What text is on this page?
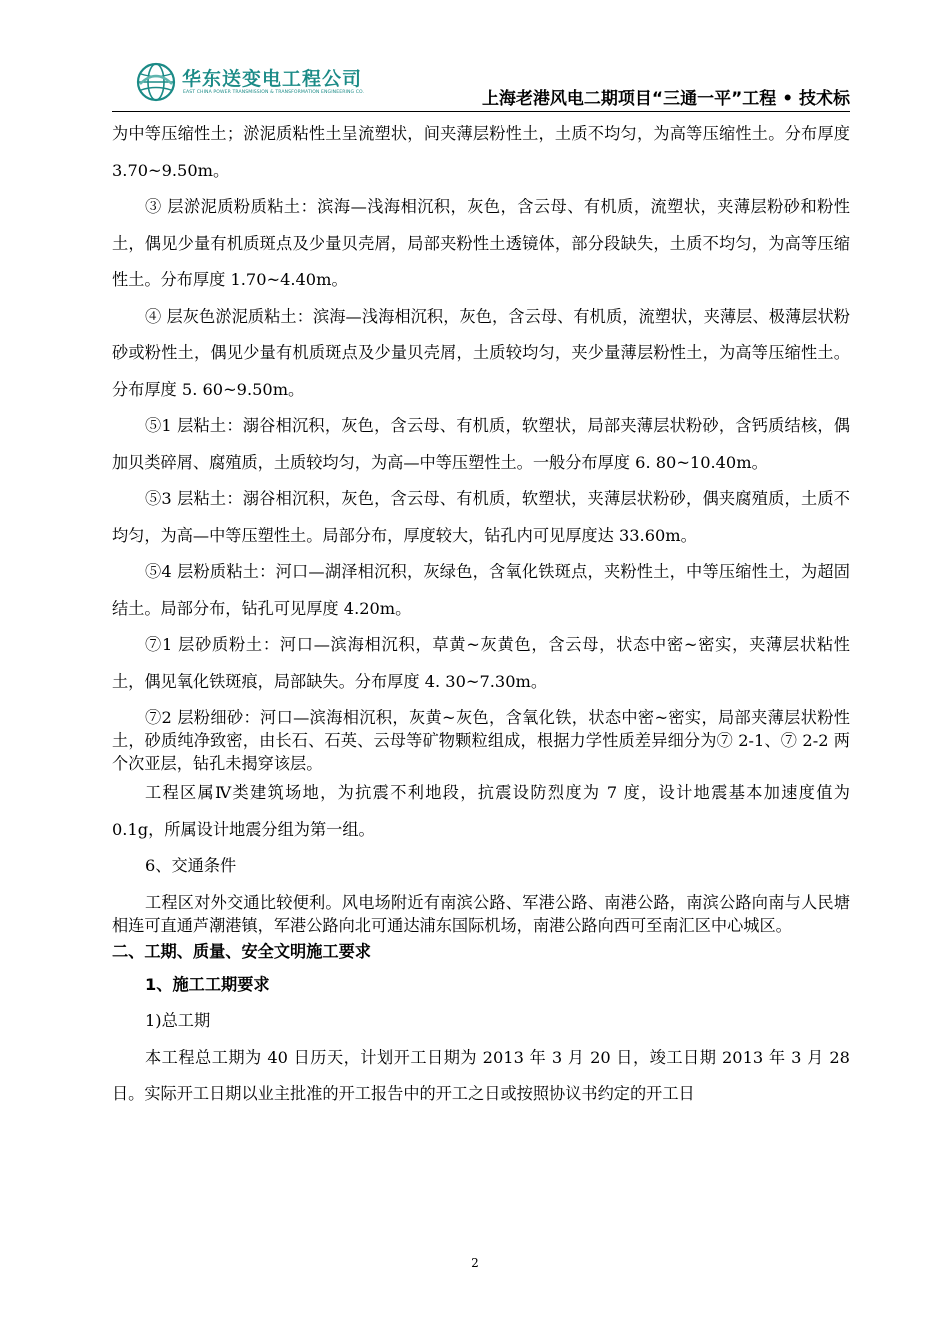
华东送变电工程公司
EAST CHINA POWER TRANSMISSION & TRANSFORMATION ENGINEERING CO.	上海老港风电二期项目“三通一平”工程 • 技术标

为中等压缩性土；淤泥质粘性土呈流塑状，间夹薄层粉性土，土质不均匀，为高等压缩性土。分布厚度 3.70~9.50m。

③ 层淤泥质粉质粘土：滨海—浅海相沉积，灰色，含云母、有机质，流塑状，夹薄层粉砂和粉性土，偶见少量有机质斑点及少量贝壳屑，局部夹粉性土透镜体，部分段缺失，土质不均匀，为高等压缩性土。分布厚度 1.70~4.40m。

④ 层灰色淤泥质粘土：滨海—浅海相沉积，灰色，含云母、有机质，流塑状，夹薄层、极薄层状粉砂或粉性土，偶见少量有机质斑点及少量贝壳屑，土质较均匀，夹少量薄层粉性土，为高等压缩性土。分布厚度 5. 60~9.50m。

⑤1 层粘土：溺谷相沉积，灰色，含云母、有机质，软塑状，局部夹薄层状粉砂，含钙质结核，偶加贝类碎屑、腐殖质，土质较均匀，为高—中等压塑性土。一般分布厚度 6. 80~10.40m。

⑤3 层粘土：溺谷相沉积，灰色，含云母、有机质，软塑状，夹薄层状粉砂，偶夹腐殖质，土质不均匀，为高—中等压塑性土。局部分布，厚度较大，钻孔内可见厚度达 33.60m。

⑤4 层粉质粘土：河口—湖泽相沉积，灰绿色，含氧化铁斑点，夹粉性土，中等压缩性土，为超固结土。局部分布，钻孔可见厚度 4.20m。

⑦1 层砂质粉土：河口—滨海相沉积，草黄~灰黄色，含云母，状态中密~密实，夹薄层状粘性土，偶见氧化铁斑痕，局部缺失。分布厚度 4. 30~7.30m。

⑦2 层粉细砂：河口—滨海相沉积，灰黄~灰色，含氧化铁，状态中密~密实，局部夹薄层状粉性土，砂质纯净致密，由长石、石英、云母等矿物颗粒组成，根据力学性质差异细分为⑦ 2-1、⑦ 2-2 两个次亚层，钻孔未揭穿该层。

工程区属Ⅳ类建筑场地，为抗震不利地段，抗震设防烈度为 7 度，设计地震基本加速度值为 0.1g，所属设计地震分组为第一组。

6、交通条件

工程区对外交通比较便利。风电场附近有南滨公路、军港公路、南港公路，南滨公路向南与人民塘相连可直通芦潮港镇，军港公路向北可通达浦东国际机场，南港公路向西可至南汇区中心城区。

二、工期、质量、安全文明施工要求

1、施工工期要求

1)总工期

本工程总工期为 40 日历天，计划开工日期为 2013 年 3 月 20 日，竣工日期 2013 年 3 月 28 日。实际开工日期以业主批准的开工报告中的开工之日或按照协议书约定的开工日

2
